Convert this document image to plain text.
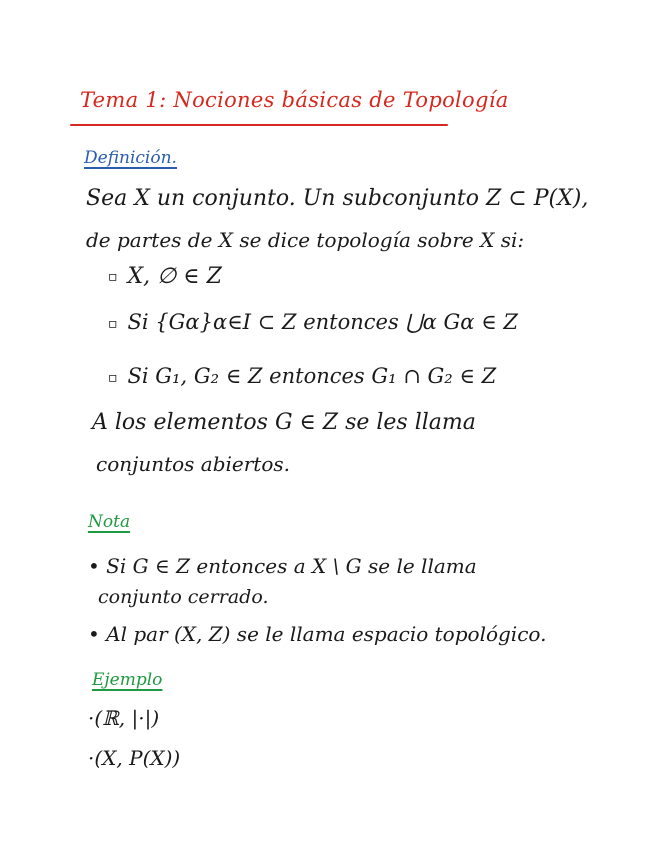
Tema 1: Nociones básicas de Topología
Definición.
Sea X un conjunto. Un subconjunto Z ⊂ P(X),
de partes de X se dice topología sobre X si:
▫ X, ∅ ∈ Z
▫ Si {Gα}α∈I ⊂ Z entonces ⋃α Gα ∈ Z
▫ Si G₁, G₂ ∈ Z entonces G₁ ∩ G₂ ∈ Z
A los elementos G ∈ Z se les llama
conjuntos abiertos.
Nota
• Si G ∈ Z entonces a X \ G se le llama
conjunto cerrado.
• Al par (X, Z) se le llama espacio topológico.
Ejemplo
·(ℝ, |·|)
·(X, P(X))
